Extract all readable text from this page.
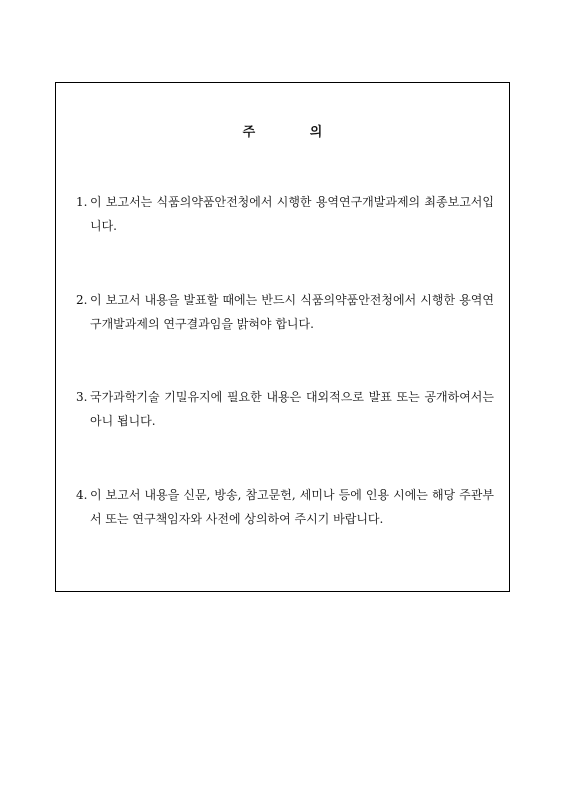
주 의
1. 이 보고서는 식품의약품안전청에서 시행한 용역연구개발과제의 최종보고서입니다.
2. 이 보고서 내용을 발표할 때에는 반드시 식품의약품안전청에서 시행한 용역연구개발과제의 연구결과임을 밝혀야 합니다.
3. 국가과학기술 기밀유지에 필요한 내용은 대외적으로 발표 또는 공개하여서는 아니 됩니다.
4. 이 보고서 내용을 신문, 방송, 참고문헌, 세미나 등에 인용 시에는 해당 주관부서 또는 연구책임자와 사전에 상의하여 주시기 바랍니다.
